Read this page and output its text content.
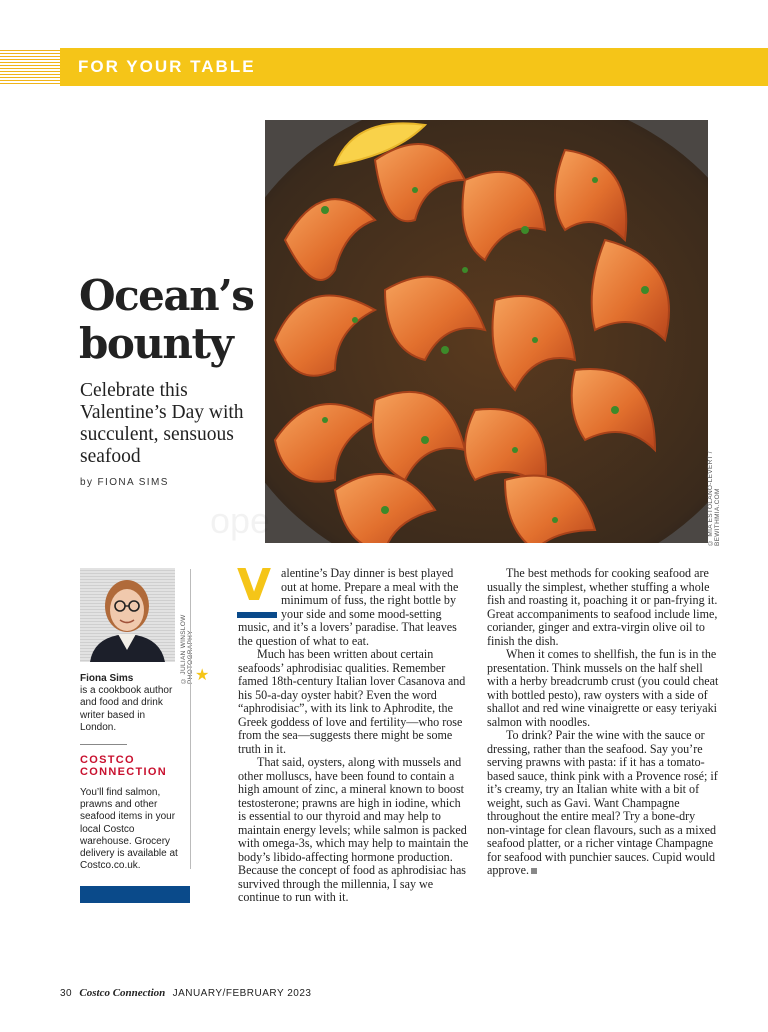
FOR YOUR TABLE
© MIA ESTOLANO-LEVERT / BEWITHMIA.COM
Ocean’s
bounty
Celebrate this Valentine’s Day with succulent, sensuous seafood
by FIONA SIMS
ope
© JULIAN WINSLOW
★
Fiona Sims
is a cookbook author and food and drink writer based in London.
COSTCO CONNECTION
You’ll find salmon, prawns and other seafood items in your local Costco warehouse. Grocery delivery is available at Costco.co.uk.

V alentine’s Day dinner is best played out at home. Prepare a meal with the minimum of fuss, the right bottle by your side and some mood-setting music, and it’s a lovers’ paradise. That leaves the question of what to eat.

Much has been written about certain seafoods’ aphrodisiac qualities. Remember famed 18th-century Italian lover Casanova and his 50-a-day oyster habit? Even the word “aphrodisiac”, with its link to Aphrodite, the Greek goddess of love and fertility—who rose from the sea—suggests there might be some truth in it.

That said, oysters, along with mussels and other molluscs, have been found to contain a high amount of zinc, a mineral known to boost testosterone; prawns are high in iodine, which is essential to our thyroid and may help to maintain energy levels; while salmon is packed with omega-3s, which may help to maintain the body’s libido-affecting hormone production. Because the concept of food as aphrodisiac has survived through the millennia, I say we continue to run with it.

The best methods for cooking seafood are usually the simplest, whether stuffing a whole fish and roasting it, poaching it or pan-frying it. Great accompaniments to seafood include lime, coriander, ginger and extra-virgin olive oil to finish the dish.

When it comes to shellfish, the fun is in the presentation. Think mussels on the half shell with a herby breadcrumb crust (you could cheat with bottled pesto), raw oysters with a side of shallot and red wine vinaigrette or easy teriyaki salmon with noodles.

To drink? Pair the wine with the sauce or dressing, rather than the seafood. Say you’re serving prawns with pasta: if it has a tomato-based sauce, think pink with a Provence rosé; if it’s creamy, try an Italian white with a bit of weight, such as Gavi. Want Champagne throughout the entire meal? Try a bone-dry non-vintage for clean flavours, such as a mixed seafood platter, or a richer vintage Champagne for seafood with punchier sauces. Cupid would approve.

30 Costco Connection JANUARY/FEBRUARY 2023
